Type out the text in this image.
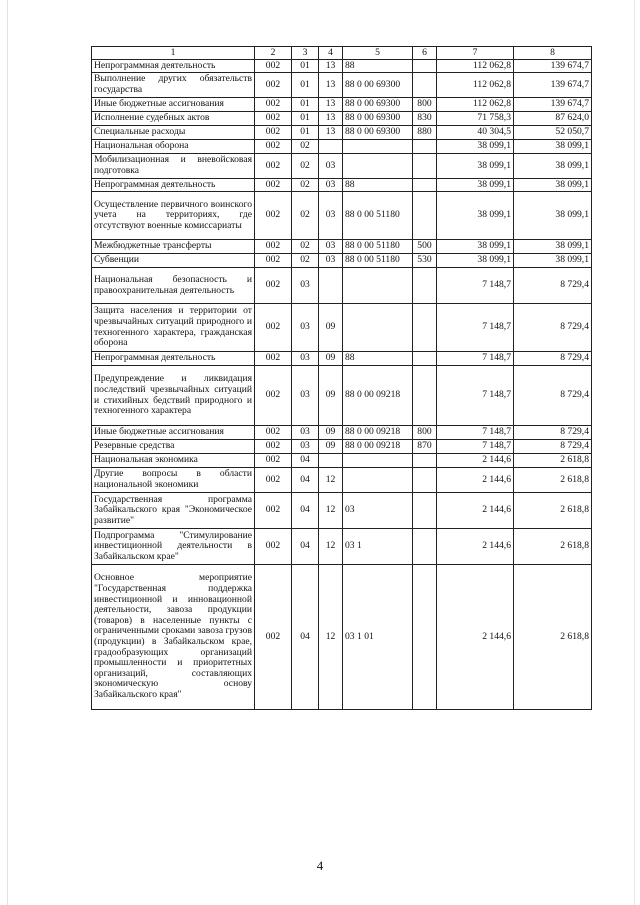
1	2	3	4	5	6	7	8
Непрограммная деятельность	002	01	13	88		112 062,8	139 674,7
Выполнение других обязательств государства	002	01	13	88 0 00 69300		112 062,8	139 674,7
Иные бюджетные ассигнования	002	01	13	88 0 00 69300	800	112 062,8	139 674,7
Исполнение судебных актов	002	01	13	88 0 00 69300	830	71 758,3	87 624,0
Специальные расходы	002	01	13	88 0 00 69300	880	40 304,5	52 050,7
Национальная оборона	002	02				38 099,1	38 099,1
Мобилизационная и вневойсковая подготовка	002	02	03			38 099,1	38 099,1
Непрограммная деятельность	002	02	03	88		38 099,1	38 099,1
Осуществление первичного воинского учета на территориях, где отсутствуют военные комиссариаты	002	02	03	88 0 00 51180		38 099,1	38 099,1
Межбюджетные трансферты	002	02	03	88 0 00 51180	500	38 099,1	38 099,1
Субвенции	002	02	03	88 0 00 51180	530	38 099,1	38 099,1
Национальная безопасность и правоохранительная деятельность	002	03				7 148,7	8 729,4
Защита населения и территории от чрезвычайных ситуаций природного и техногенного характера, гражданская оборона	002	03	09			7 148,7	8 729,4
Непрограммная деятельность	002	03	09	88		7 148,7	8 729,4
Предупреждение и ликвидация последствий чрезвычайных ситуаций и стихийных бедствий природного и техногенного характера	002	03	09	88 0 00 09218		7 148,7	8 729,4
Иные бюджетные ассигнования	002	03	09	88 0 00 09218	800	7 148,7	8 729,4
Резервные средства	002	03	09	88 0 00 09218	870	7 148,7	8 729,4
Национальная экономика	002	04				2 144,6	2 618,8
Другие вопросы в области национальной экономики	002	04	12			2 144,6	2 618,8
Государственная программа Забайкальского края "Экономическое развитие"	002	04	12	03		2 144,6	2 618,8
Подпрограмма "Стимулирование инвестиционной деятельности в Забайкальском крае"	002	04	12	03 1		2 144,6	2 618,8
Основное мероприятие "Государственная поддержка инвестиционной и инновационной деятельности, завоза продукции (товаров) в населенные пункты с ограниченными сроками завоза грузов (продукции) в Забайкальском крае, градообразующих организаций промышленности и приоритетных организаций, составляющих экономическую основу Забайкальского края"	002	04	12	03 1 01		2 144,6	2 618,8
4
